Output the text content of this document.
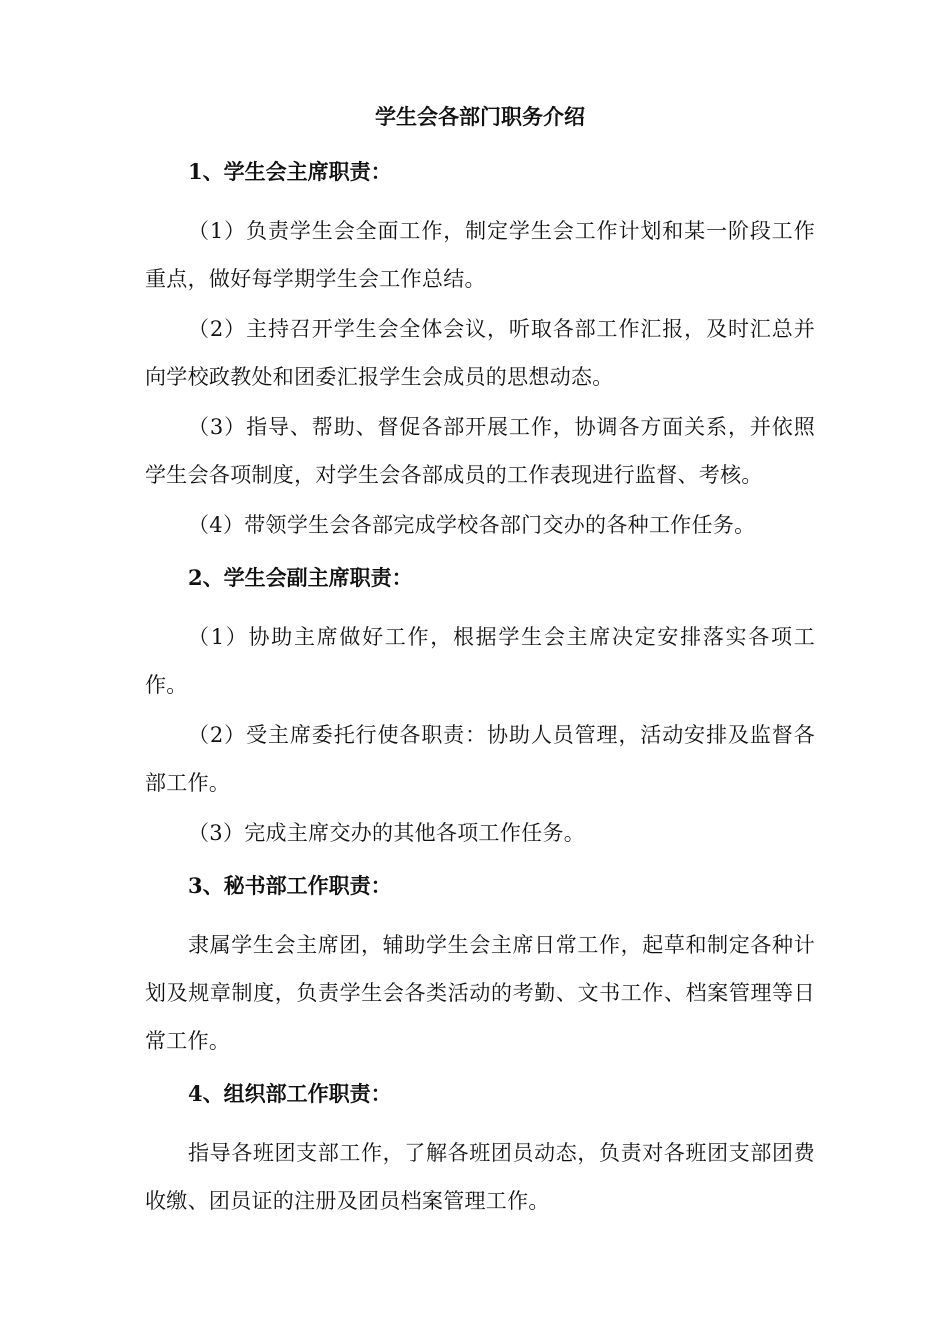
学生会各部门职务介绍
1、学生会主席职责：
（1）负责学生会全面工作，制定学生会工作计划和某一阶段工作重点，做好每学期学生会工作总结。
（2）主持召开学生会全体会议，听取各部工作汇报，及时汇总并向学校政教处和团委汇报学生会成员的思想动态。
（3）指导、帮助、督促各部开展工作，协调各方面关系，并依照学生会各项制度，对学生会各部成员的工作表现进行监督、考核。
（4）带领学生会各部完成学校各部门交办的各种工作任务。
2、学生会副主席职责：
（1）协助主席做好工作，根据学生会主席决定安排落实各项工作。
（2）受主席委托行使各职责：协助人员管理，活动安排及监督各部工作。
（3）完成主席交办的其他各项工作任务。
3、秘书部工作职责：
隶属学生会主席团，辅助学生会主席日常工作，起草和制定各种计划及规章制度，负责学生会各类活动的考勤、文书工作、档案管理等日常工作。
4、组织部工作职责：
指导各班团支部工作，了解各班团员动态，负责对各班团支部团费收缴、团员证的注册及团员档案管理工作。
